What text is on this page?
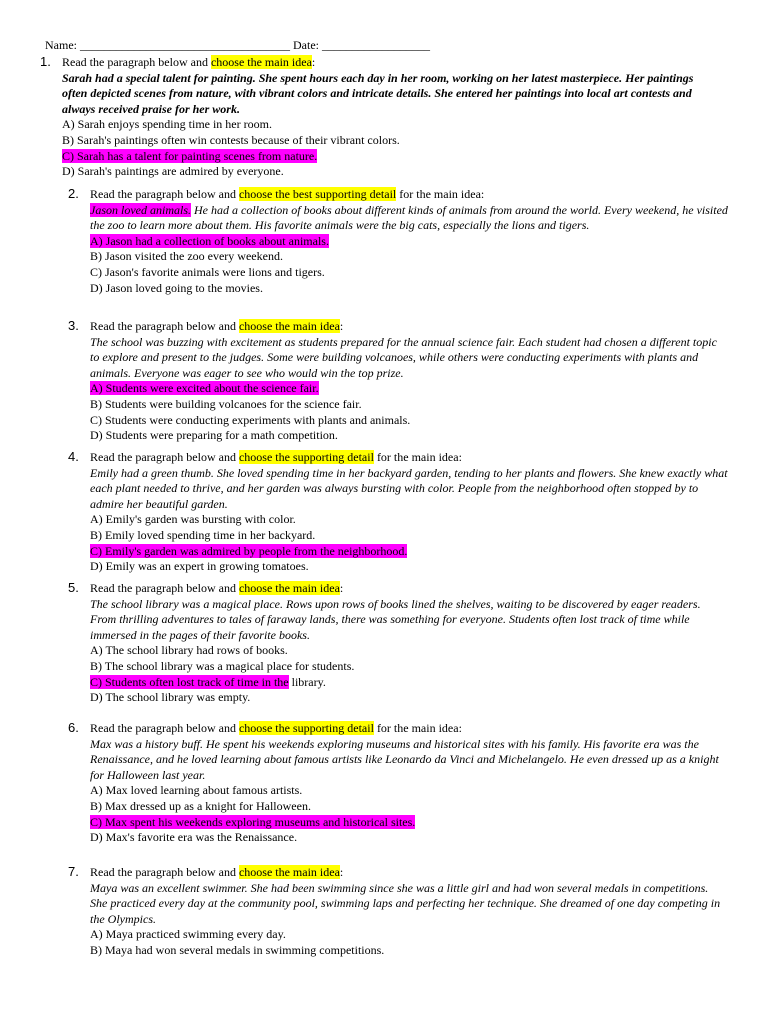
Name: ___________________________________ Date: __________________
1. Read the paragraph below and choose the main idea:
Sarah had a special talent for painting. She spent hours each day in her room, working on her latest masterpiece. Her paintings often depicted scenes from nature, with vibrant colors and intricate details. She entered her paintings into local art contests and always received praise for her work.
A) Sarah enjoys spending time in her room.
B) Sarah's paintings often win contests because of their vibrant colors.
C) Sarah has a talent for painting scenes from nature.
D) Sarah's paintings are admired by everyone.
2. Read the paragraph below and choose the best supporting detail for the main idea:
Jason loved animals. He had a collection of books about different kinds of animals from around the world. Every weekend, he visited the zoo to learn more about them. His favorite animals were the big cats, especially the lions and tigers.
A) Jason had a collection of books about animals.
B) Jason visited the zoo every weekend.
C) Jason's favorite animals were lions and tigers.
D) Jason loved going to the movies.
3. Read the paragraph below and choose the main idea:
The school was buzzing with excitement as students prepared for the annual science fair. Each student had chosen a different topic to explore and present to the judges. Some were building volcanoes, while others were conducting experiments with plants and animals. Everyone was eager to see who would win the top prize.
A) Students were excited about the science fair.
B) Students were building volcanoes for the science fair.
C) Students were conducting experiments with plants and animals.
D) Students were preparing for a math competition.
4. Read the paragraph below and choose the supporting detail for the main idea:
Emily had a green thumb. She loved spending time in her backyard garden, tending to her plants and flowers. She knew exactly what each plant needed to thrive, and her garden was always bursting with color. People from the neighborhood often stopped by to admire her beautiful garden.
A) Emily's garden was bursting with color.
B) Emily loved spending time in her backyard.
C) Emily's garden was admired by people from the neighborhood.
D) Emily was an expert in growing tomatoes.
5. Read the paragraph below and choose the main idea:
The school library was a magical place. Rows upon rows of books lined the shelves, waiting to be discovered by eager readers. From thrilling adventures to tales of faraway lands, there was something for everyone. Students often lost track of time while immersed in the pages of their favorite books.
A) The school library had rows of books.
B) The school library was a magical place for students.
C) Students often lost track of time in the library.
D) The school library was empty.
6. Read the paragraph below and choose the supporting detail for the main idea:
Max was a history buff. He spent his weekends exploring museums and historical sites with his family. His favorite era was the Renaissance, and he loved learning about famous artists like Leonardo da Vinci and Michelangelo. He even dressed up as a knight for Halloween last year.
A) Max loved learning about famous artists.
B) Max dressed up as a knight for Halloween.
C) Max spent his weekends exploring museums and historical sites.
D) Max's favorite era was the Renaissance.
7. Read the paragraph below and choose the main idea:
Maya was an excellent swimmer. She had been swimming since she was a little girl and had won several medals in competitions. She practiced every day at the community pool, swimming laps and perfecting her technique. She dreamed of one day competing in the Olympics.
A) Maya practiced swimming every day.
B) Maya had won several medals in swimming competitions.
